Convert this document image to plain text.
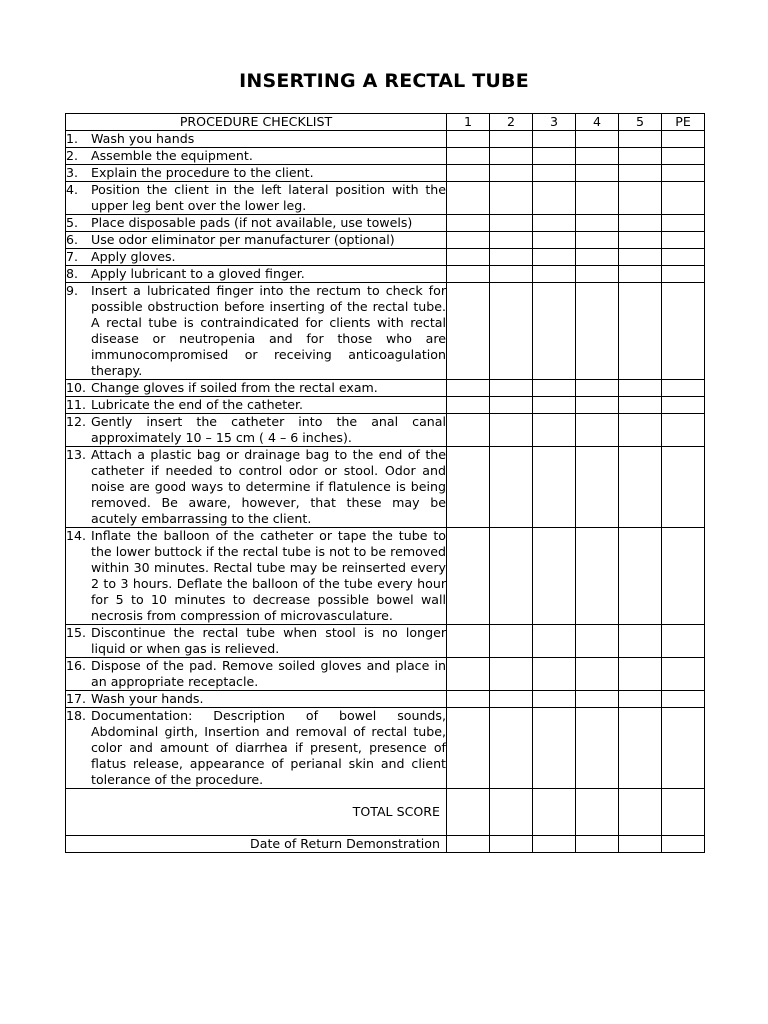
INSERTING A RECTAL TUBE
PROCEDURE CHECKLIST	1	2	3	4	5	PE

1. Wash you hands						

2. Assemble the equipment.						

3. Explain the procedure to the client.						

4. Position the client in the left lateral position with the upper leg bent over the lower leg.						

5. Place disposable pads (if not available, use towels)						

6. Use odor eliminator per manufacturer (optional)						

7. Apply gloves.						

8. Apply lubricant to a gloved finger.						

9. Insert a lubricated finger into the rectum to check for possible obstruction before inserting of the rectal tube. A rectal tube is contraindicated for clients with rectal disease or neutropenia and for those who are immunocompromised or receiving anticoagulation therapy.						

10. Change gloves if soiled from the rectal exam.						

11. Lubricate the end of the catheter.						

12. Gently insert the catheter into the anal canal approximately 10 – 15 cm ( 4 – 6 inches).						

13. Attach a plastic bag or drainage bag to the end of the catheter if needed to control odor or stool. Odor and noise are good ways to determine if flatulence is being removed. Be aware, however, that these may be acutely embarrassing to the client.						

14. Inflate the balloon of the catheter or tape the tube to the lower buttock if the rectal tube is not to be removed within 30 minutes. Rectal tube may be reinserted every 2 to 3 hours. Deflate the balloon of the tube every hour for 5 to 10 minutes to decrease possible bowel wall necrosis from compression of microvasculature.						

15. Discontinue the rectal tube when stool is no longer liquid or when gas is relieved.						

16. Dispose of the pad. Remove soiled gloves and place in an appropriate receptacle.						

17. Wash your hands.						

18. Documentation: Description of bowel sounds, Abdominal girth, Insertion and removal of rectal tube, color and amount of diarrhea if present, presence of flatus release, appearance of perianal skin and client tolerance of the procedure.						

TOTAL SCORE						
Date of Return Demonstration						
